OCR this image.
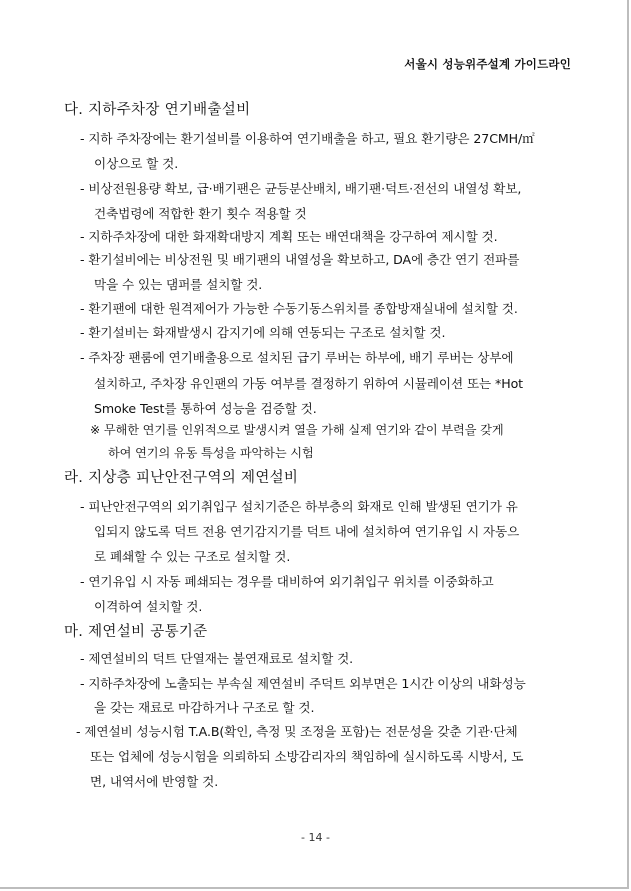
서울시 성능위주설계 가이드라인
다. 지하주차장 연기배출설비
- 지하 주차장에는 환기설비를 이용하여 연기배출을 하고, 필요 환기량은 27CMH/㎡
이상으로 할 것.
- 비상전원용량 확보, 급·배기팬은 균등분산배치, 배기팬·덕트·전선의 내열성 확보,
건축법령에 적합한 환기 횟수 적용할 것
- 지하주차장에 대한 화재확대방지 계획 또는 배연대책을 강구하여 제시할 것.
- 환기설비에는 비상전원 및 배기팬의 내열성을 확보하고, DA에 층간 연기 전파를
막을 수 있는 댐퍼를 설치할 것.
- 환기팬에 대한 원격제어가 가능한 수동기동스위치를 종합방재실내에 설치할 것.
- 환기설비는 화재발생시 감지기에 의해 연동되는 구조로 설치할 것.
- 주차장 팬룸에 연기배출용으로 설치된 급기 루버는 하부에, 배기 루버는 상부에
설치하고, 주차장 유인팬의 가동 여부를 결정하기 위하여 시뮬레이션 또는 *Hot
Smoke Test를 통하여 성능을 검증할 것.
※ 무해한 연기를 인위적으로 발생시켜 열을 가해 실제 연기와 같이 부력을 갖게
하여 연기의 유동 특성을 파악하는 시험
라. 지상층 피난안전구역의 제연설비
- 피난안전구역의 외기취입구 설치기준은 하부층의 화재로 인해 발생된 연기가 유
입되지 않도록 덕트 전용 연기감지기를 덕트 내에 설치하여 연기유입 시 자동으
로 폐쇄할 수 있는 구조로 설치할 것.
- 연기유입 시 자동 폐쇄되는 경우를 대비하여 외기취입구 위치를 이중화하고
이격하여 설치할 것.
마. 제연설비 공통기준
- 제연설비의 덕트 단열재는 불연재료로 설치할 것.
- 지하주차장에 노출되는 부속실 제연설비 주덕트 외부면은 1시간 이상의 내화성능
을 갖는 재료로 마감하거나 구조로 할 것.
- 제연설비 성능시험 T.A.B(확인, 측정 및 조정을 포함)는 전문성을 갖춘 기관·단체
또는 업체에 성능시험을 의뢰하되 소방감리자의 책임하에 실시하도록 시방서, 도
면, 내역서에 반영할 것.
- 14 -
